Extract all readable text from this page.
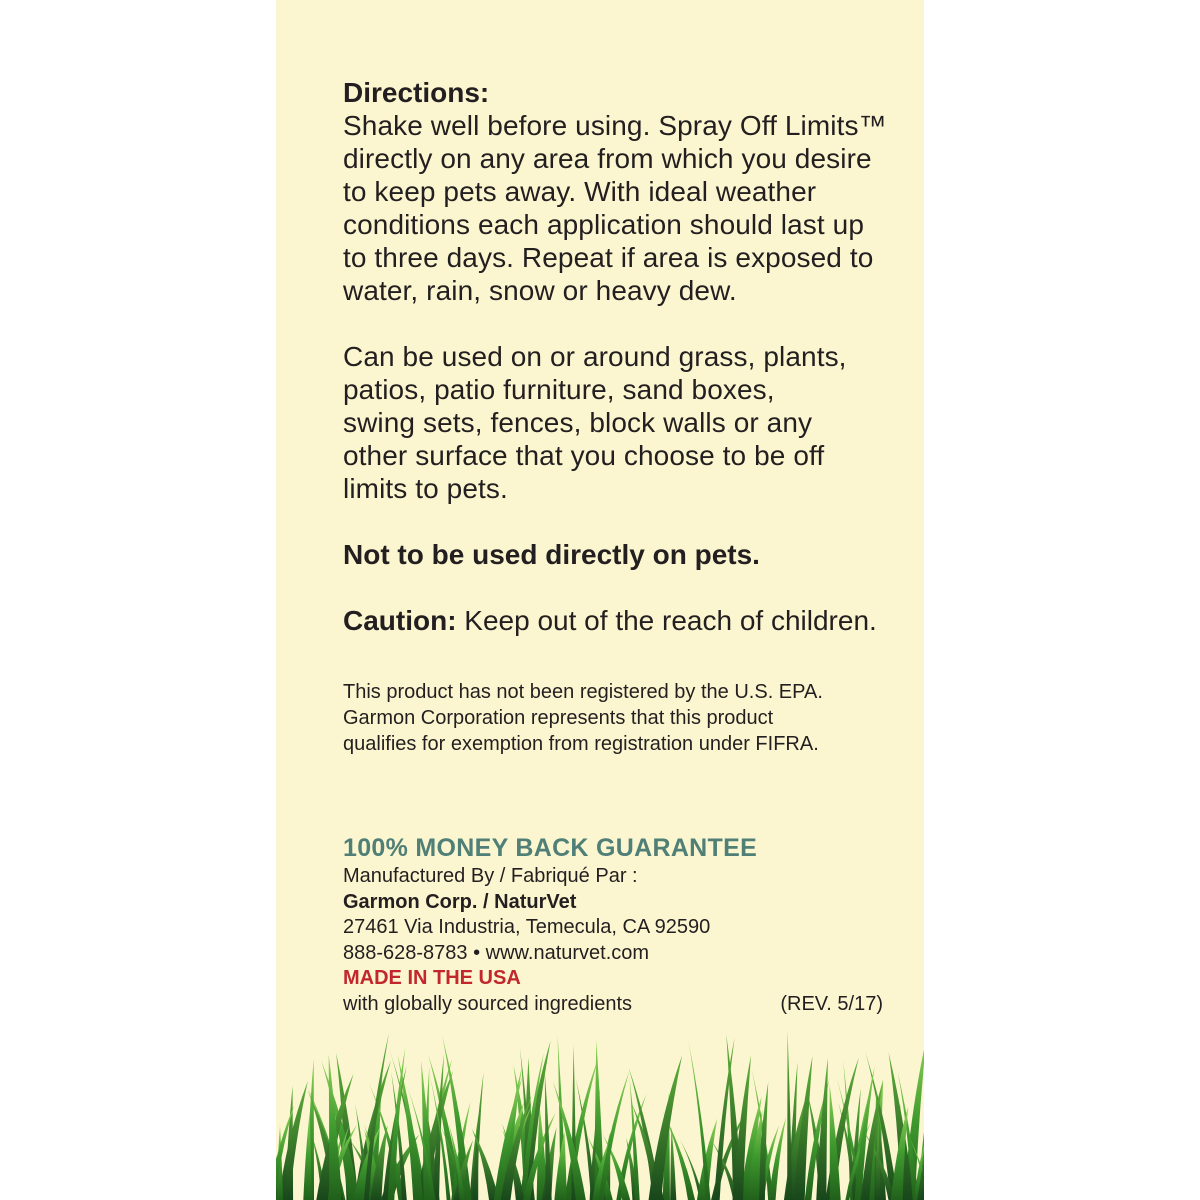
Directions:

Shake well before using. Spray Off Limits™

directly on any area from which you desire

to keep pets away. With ideal weather

conditions each application should last up

to three days. Repeat if area is exposed to

water, rain, snow or heavy dew.

Can be used on or around grass, plants,

patios, patio furniture, sand boxes,

swing sets, fences, block walls or any

other surface that you choose to be off

limits to pets.

Not to be used directly on pets.

Caution: Keep out of the reach of children.

This product has not been registered by the U.S. EPA.
Garmon Corporation represents that this product
qualifies for exemption from registration under FIFRA.
100% MONEY BACK GUARANTEE
Manufactured By / Fabriqué Par :
Garmon Corp. / NaturVet
27461 Via Industria, Temecula, CA 92590
888-628-8783 • www.naturvet.com
MADE IN THE USA
with globally sourced ingredients	(REV. 5/17)
